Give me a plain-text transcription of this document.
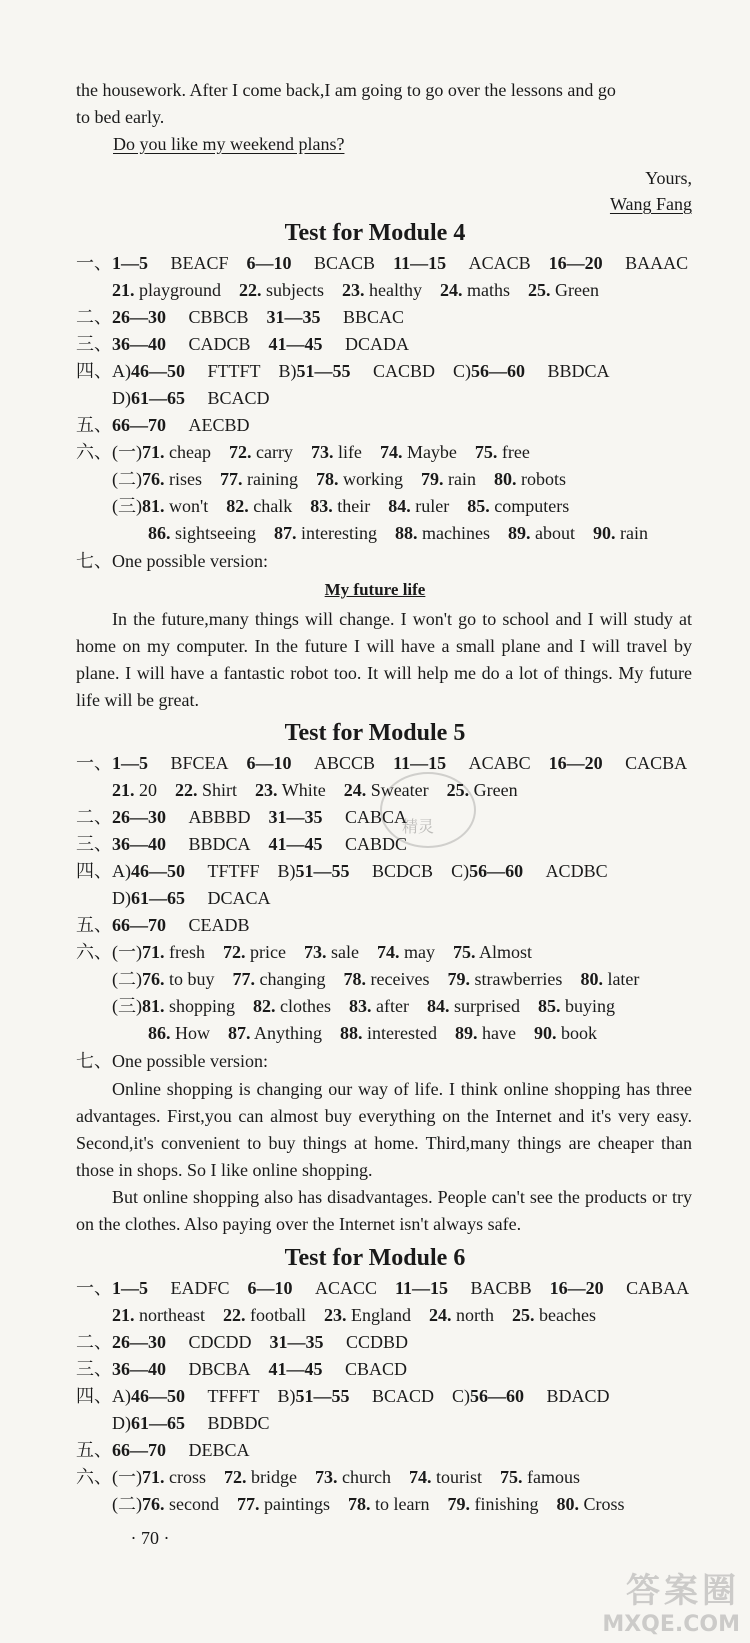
the housework. After I come back,I am going to go over the lessons and go
to bed early.
Do you like my weekend plans?
Yours,
Wang Fang
Test for Module 4
一、1—5 BEACF 6—10 BCACB 11—15 ACACB 16—20 BAAAC
21. playground 22. subjects 23. healthy 24. maths 25. Green
二、26—30 CBBCB 31—35 BBCAC
三、36—40 CADCB 41—45 DCADA
四、A)46—50 FTTFT B)51—55 CACBD C)56—60 BBDCA
D)61—65 BCACD
五、66—70 AECBD
六、(一)71. cheap 72. carry 73. life 74. Maybe 75. free
(二)76. rises 77. raining 78. working 79. rain 80. robots
(三)81. won't 82. chalk 83. their 84. ruler 85. computers
86. sightseeing 87. interesting 88. machines 89. about 90. rain
七、One possible version:
My future life
In the future,many things will change. I won't go to school and I will study at home on my computer. In the future I will have a small plane and I will travel by plane. I will have a fantastic robot too. It will help me do a lot of things. My future life will be great.
Test for Module 5
一、1—5 BFCEA 6—10 ABCCB 11—15 ACABC 16—20 CACBA
21. 20 22. Shirt 23. White 24. Sweater 25. Green
二、26—30 ABBBD 31—35 CABCA
三、36—40 BBDCA 41—45 CABDC
四、A)46—50 TFTFF B)51—55 BCDCB C)56—60 ACDBC
D)61—65 DCACA
五、66—70 CEADB
六、(一)71. fresh 72. price 73. sale 74. may 75. Almost
(二)76. to buy 77. changing 78. receives 79. strawberries 80. later
(三)81. shopping 82. clothes 83. after 84. surprised 85. buying
86. How 87. Anything 88. interested 89. have 90. book
七、One possible version:
Online shopping is changing our way of life. I think online shopping has three advantages. First,you can almost buy everything on the Internet and it's very easy. Second,it's convenient to buy things at home. Third,many things are cheaper than those in shops. So I like online shopping.
But online shopping also has disadvantages. People can't see the products or try on the clothes. Also paying over the Internet isn't always safe.
Test for Module 6
一、1—5 EADFC 6—10 ACACC 11—15 BACBB 16—20 CABAA
21. northeast 22. football 23. England 24. north 25. beaches
二、26—30 CDCDD 31—35 CCDBD
三、36—40 DBCBA 41—45 CBACD
四、A)46—50 TFFFT B)51—55 BCACD C)56—60 BDACD
D)61—65 BDBDC
五、66—70 DEBCA
六、(一)71. cross 72. bridge 73. church 74. tourist 75. famous
(二)76. second 77. paintings 78. to learn 79. finishing 80. Cross
· 70 ·
精灵
答案圈
MXQE.COM
